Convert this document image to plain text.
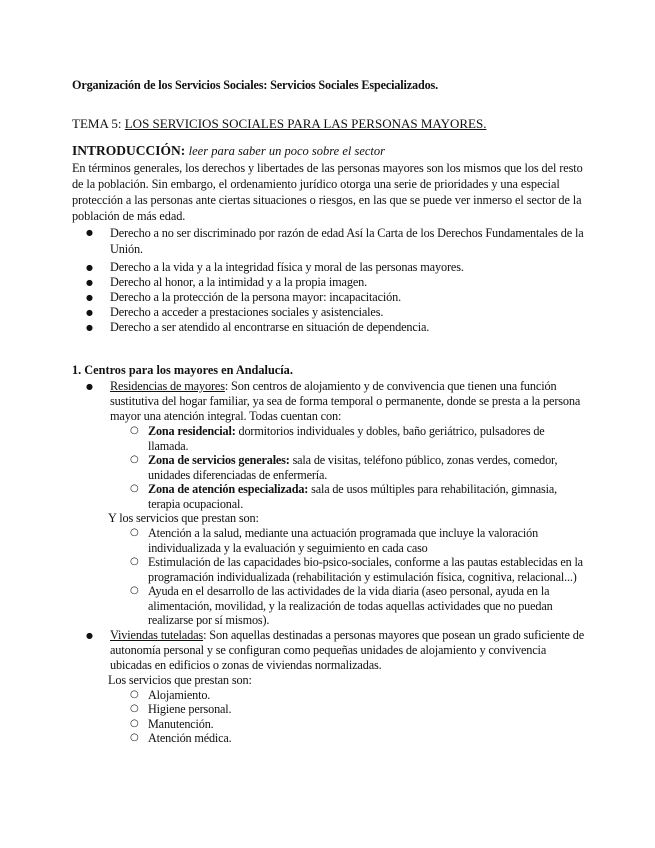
Organización de los Servicios Sociales: Servicios Sociales Especializados.
TEMA 5: LOS SERVICIOS SOCIALES PARA LAS PERSONAS MAYORES.
INTRODUCCIÓN: leer para saber un poco sobre el sector

En términos generales, los derechos y libertades de las personas mayores son los mismos que los del resto de la población. Sin embargo, el ordenamiento jurídico otorga una serie de prioridades y una especial protección a las personas ante ciertas situaciones o riesgos, en las que se puede ver inmerso el sector de la población de más edad.

● Derecho a no ser discriminado por razón de edad Así la Carta de los Derechos Fundamentales de la Unión.
● Derecho a la vida y a la integridad física y moral de las personas mayores.
● Derecho al honor, a la intimidad y a la propia imagen.
● Derecho a la protección de la persona mayor: incapacitación.
● Derecho a acceder a prestaciones sociales y asistenciales.
● Derecho a ser atendido al encontrarse en situación de dependencia.
1. Centros para los mayores en Andalucía.
● Residencias de mayores: Son centros de alojamiento y de convivencia que tienen una función sustitutiva del hogar familiar, ya sea de forma temporal o permanente, donde se presta a la persona mayor una atención integral. Todas cuentan con:
○ Zona residencial: dormitorios individuales y dobles, baño geriátrico, pulsadores de llamada.
○ Zona de servicios generales: sala de visitas, teléfono público, zonas verdes, comedor, unidades diferenciadas de enfermería.
○ Zona de atención especializada: sala de usos múltiples para rehabilitación, gimnasia, terapia ocupacional.
Y los servicios que prestan son:
○ Atención a la salud, mediante una actuación programada que incluye la valoración individualizada y la evaluación y seguimiento en cada caso
○ Estimulación de las capacidades bio-psico-sociales, conforme a las pautas establecidas en la programación individualizada (rehabilitación y estimulación física, cognitiva, relacional...)
○ Ayuda en el desarrollo de las actividades de la vida diaria (aseo personal, ayuda en la alimentación, movilidad, y la realización de todas aquellas actividades que no puedan realizarse por sí mismos).
● Viviendas tuteladas: Son aquellas destinadas a personas mayores que posean un grado suficiente de autonomía personal y se configuran como pequeñas unidades de alojamiento y convivencia ubicadas en edificios o zonas de viviendas normalizadas.
Los servicios que prestan son:
○ Alojamiento.
○ Higiene personal.
○ Manutención.
○ Atención médica.
